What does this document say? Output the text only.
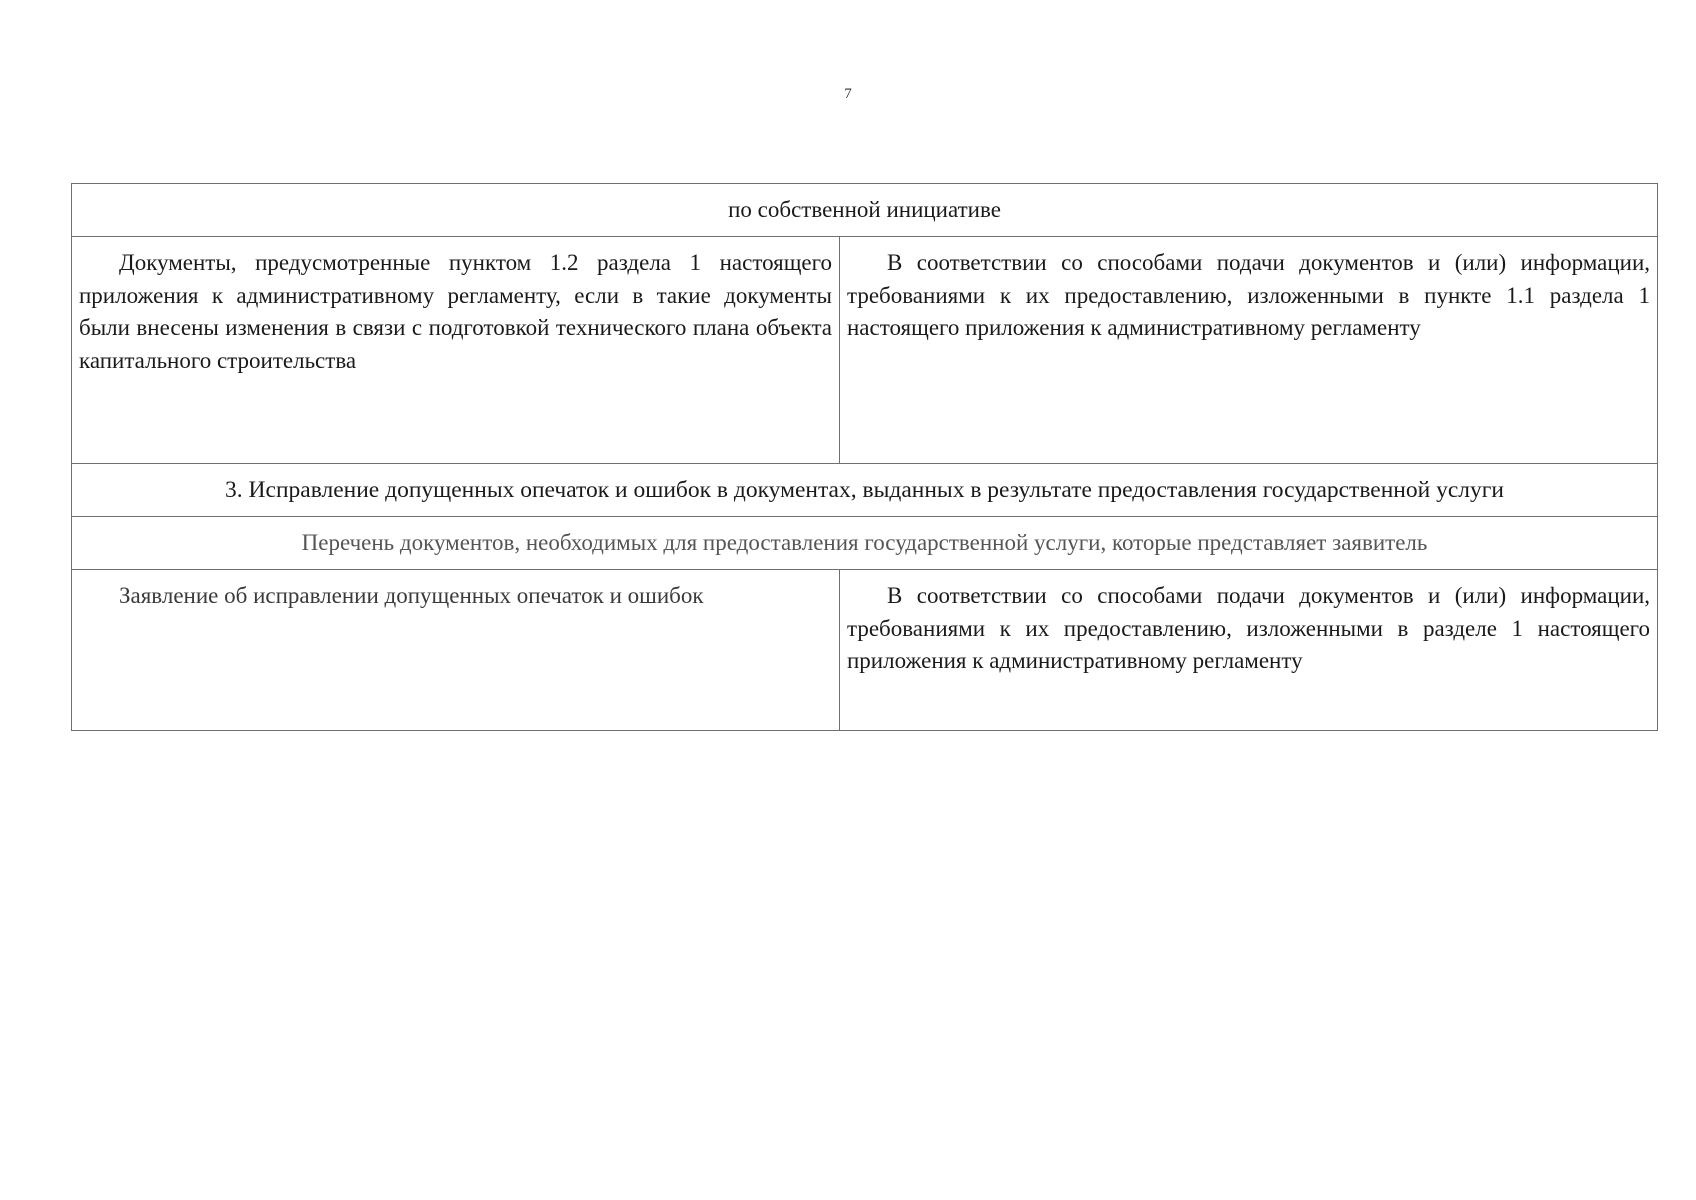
7
по собственной инициативе	
Документы, предусмотренные пунктом 1.2 раздела 1 настоящего приложения к административному регламенту, если в такие документы были внесены изменения в связи с подготовкой технического плана объекта капитального строительства	В соответствии со способами подачи документов и (или) информации, требованиями к их предоставлению, изложенными в пункте 1.1 раздела 1 настоящего приложения к административному регламенту
3. Исправление допущенных опечаток и ошибок в документах, выданных в результате предоставления государственной услуги	
Перечень документов, необходимых для предоставления государственной услуги, которые представляет заявитель	
Заявление об исправлении допущенных опечаток и ошибок	В соответствии со способами подачи документов и (или) информации, требованиями к их предоставлению, изложенными в разделе 1 настоящего приложения к административному регламенту
